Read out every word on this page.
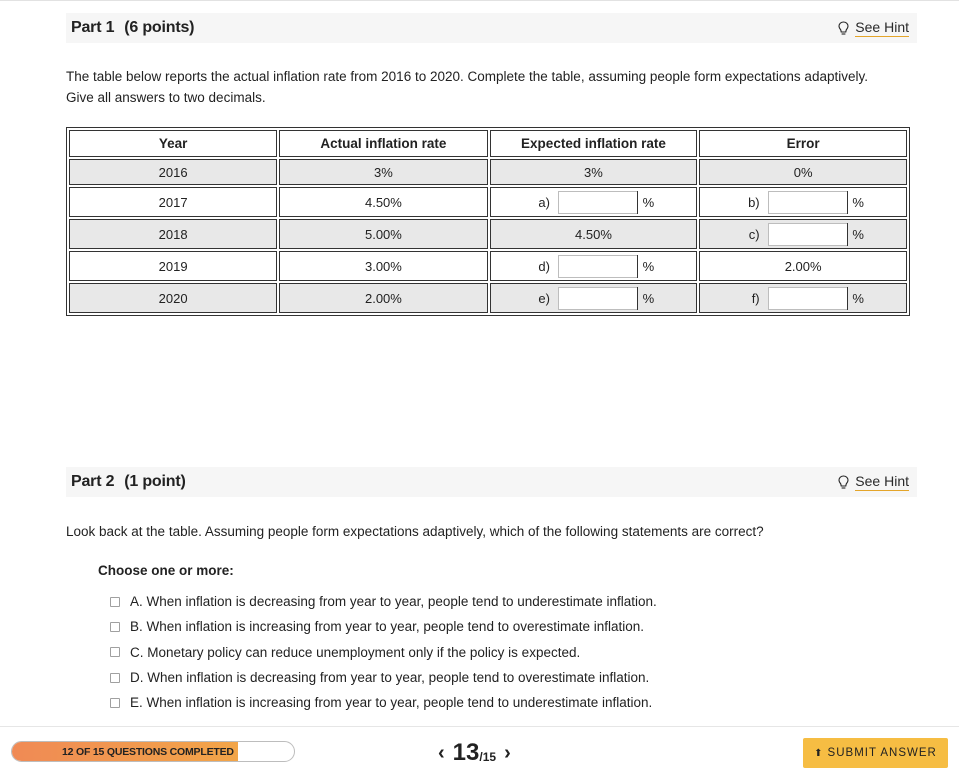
Part 1 (6 points)	See Hint
The table below reports the actual inflation rate from 2016 to 2020. Complete the table, assuming people form expectations adaptively.
Give all answers to two decimals.
Year	Actual inflation rate	Expected inflation rate	Error
2016	3%	3%	0%
2017	4.50%	a) %	b) %

2018	5.00%	4.50%	c) %

2019	3.00%	d) %	2.00%
2020	2.00%	e) %	f) %
Part 2 (1 point)	See Hint
Look back at the table. Assuming people form expectations adaptively, which of the following statements are correct?
Choose one or more:
A. When inflation is decreasing from year to year, people tend to underestimate inflation.
B. When inflation is increasing from year to year, people tend to overestimate inflation.
C. Monetary policy can reduce unemployment only if the policy is expected.
D. When inflation is decreasing from year to year, people tend to overestimate inflation.
E. When inflation is increasing from year to year, people tend to underestimate inflation.
12 OF 15 QUESTIONS COMPLETED	‹ 13 /15 ›	⬆ SUBMIT ANSWER
